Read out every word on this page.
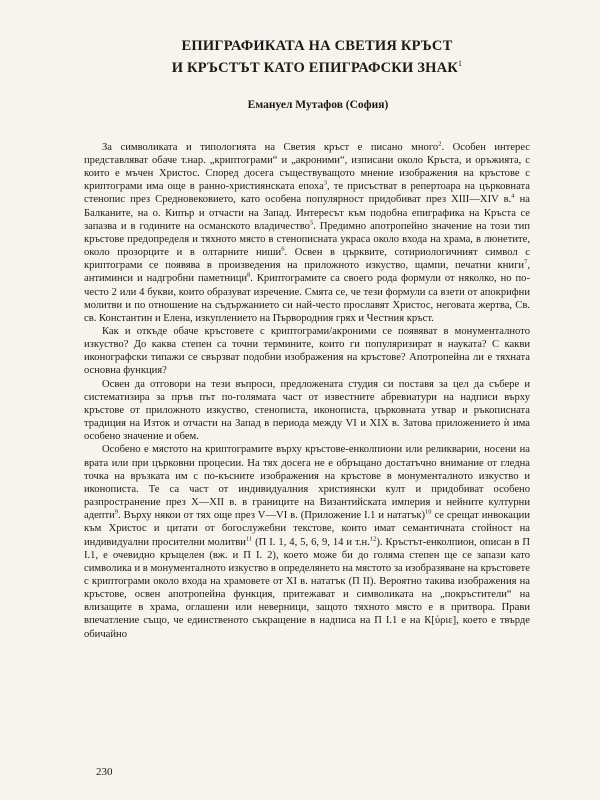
ЕПИГРАФИКАТА НА СВЕТИЯ КРЪСТ
И КРЪСТЪТ КАТО ЕПИГРАФСКИ ЗНАК$^1$
Емануел Мутафов (София)

За символиката и типологията на Светия кръст е писано много$^2$. Особен интерес представляват обаче т.нар. „криптограми“ и „акроними“, изписани около Кръста, и оръжията, с които е мъчен Христос. Според досега съществуващото мнение изображения на кръстове с криптограми има още в ранно-християнската епоха$^3$, те присъстват в репертоара на църковната стенопис през Средновековието, като особена популярност придобиват през XIII—XIV в.$^4$ на Балканите, на о. Кипър и отчасти на Запад. Интересът към подобна епиграфика на Кръста се запазва и в годините на османското владичество$^5$. Предимно апотропейно значение на този тип кръстове предопределя и тяхното място в стенописната украса около входа на храма, в люнетите, около прозорците и в олтарните ниши$^6$. Освен в църквите, сотириологичният символ с криптограми се появява в произведения на приложното изкуство, щампи, печатни книги$^7$, антиминси и надгробни паметници$^8$. Криптограмите са своего рода формули от няколко, но по-често 2 или 4 букви, които образуват изречение. Смята се, че тези формули са взети от апокрифни молитви и по отношение на съдържанието си най-често прославят Христос, неговата жертва, Св. св. Константин и Елена, изкуплението на Първородния грях и Честния кръст.

Как и откъде обаче кръстовете с криптограми/акроними се появяват в монументалното изкуство? До каква степен са точни термините, които ги популяризират в науката? С какви иконографски типажи се свързват подобни изображения на кръстове? Апотропейна ли е тяхната основна функция?

Освен да отговори на тези въпроси, предложената студия си поставя за цел да събере и систематизира за пръв път по-голямата част от известните абревиатури на надписи върху кръстове от приложното изкуство, стенописта, иконописта, църковната утвар и ръкописната традиция на Изток и отчасти на Запад в периода между VI и XIX в. Затова приложението ѝ има особено значение и обем.

Особено е мястото на криптограмите върху кръстове-енколпиони или реликварии, носени на врата или при църковни процесии. На тях досега не е обръщано достатъчно внимание от гледна точка на връзката им с по-късните изображения на кръстове в монументалното изкуство и иконописта. Те са част от индивидуалния християнски култ и придобиват особено разпространение през X—XII в. в границите на Византийската империя и нейните културни адепти$^9$. Върху някои от тях още през V—VI в. (Приложение I.1 и нататък)$^{10}$ се срещат инвокации към Христос и цитати от богослужебни текстове, които имат семантичната стойност на индивидуални просителни молитви$^{11}$ (П I. 1, 4, 5, 6, 9, 14 и т.н.$^{12}$). Кръстът-енколпион, описан в П I.1, е очевидно кръщелен (вж. и П I. 2), което може би до голяма степен ще се запази като символика и в монументалното изкуство в определянето на мястото за изобразяване на кръстовете с криптограми около входа на храмовете от XI в. нататък (П II). Вероятно такива изображения на кръстове, освен апотропейна функция, притежават и символиката на „покръстители“ на влизащите в храма, оглашени или неверници, защото тяхното място е в притвора. Прави впечатление също, че единственото съкращение в надписа на П I.1 е на К[ύριε], което е твърде обичайно

230
